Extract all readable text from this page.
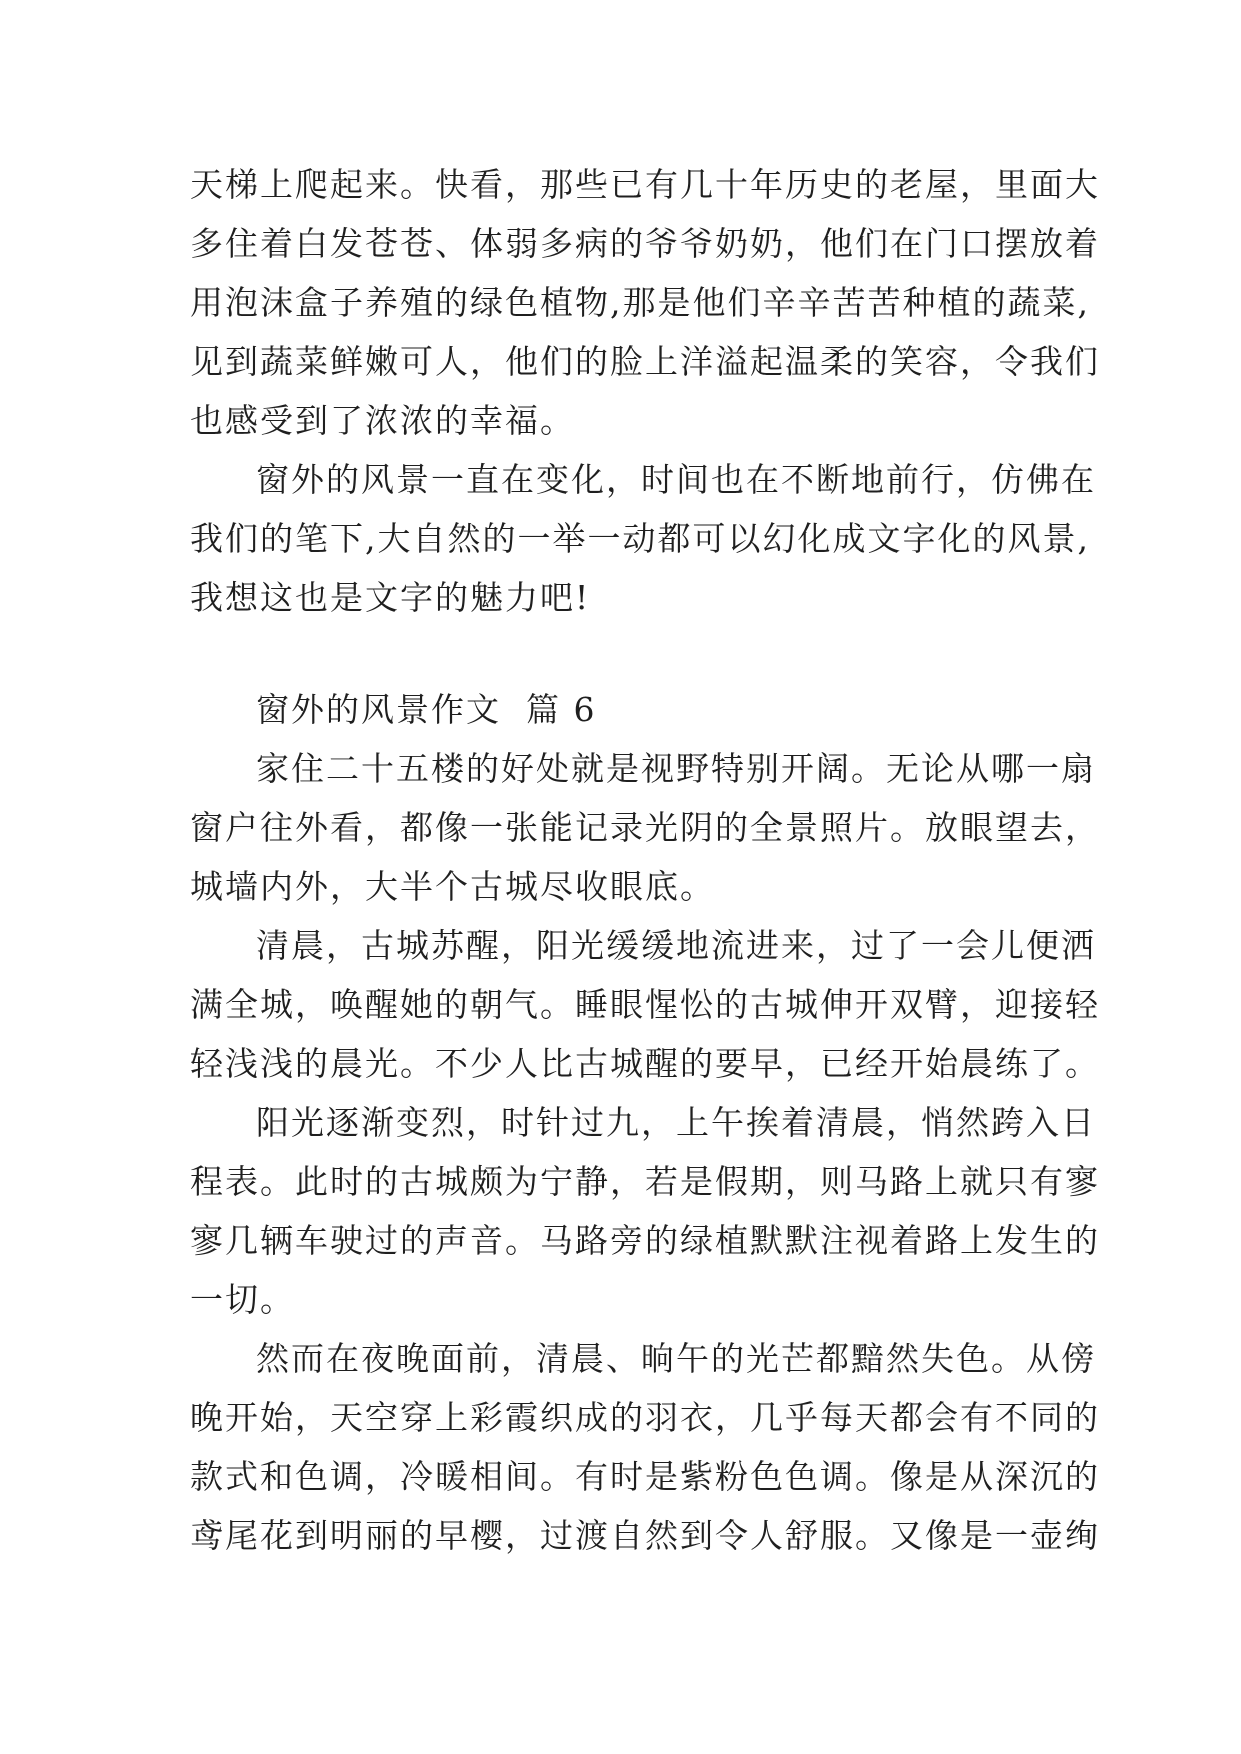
天梯上爬起来。快看，那些已有几十年历史的老屋，里面大
多住着白发苍苍、体弱多病的爷爷奶奶，他们在门口摆放着
用泡沫盒子养殖的绿色植物,那是他们辛辛苦苦种植的蔬菜,
见到蔬菜鲜嫩可人，他们的脸上洋溢起温柔的笑容，令我们
也感受到了浓浓的幸福。
窗外的风景一直在变化，时间也在不断地前行，仿佛在
我们的笔下,大自然的一举一动都可以幻化成文字化的风景,
我想这也是文字的魅力吧!
窗外的风景作文  篇 6
家住二十五楼的好处就是视野特别开阔。无论从哪一扇
窗户往外看，都像一张能记录光阴的全景照片。放眼望去，
城墙内外，大半个古城尽收眼底。
清晨，古城苏醒，阳光缓缓地流进来，过了一会儿便洒
满全城，唤醒她的朝气。睡眼惺忪的古城伸开双臂，迎接轻
轻浅浅的晨光。不少人比古城醒的要早，已经开始晨练了。
阳光逐渐变烈，时针过九，上午挨着清晨，悄然跨入日
程表。此时的古城颇为宁静，若是假期，则马路上就只有寥
寥几辆车驶过的声音。马路旁的绿植默默注视着路上发生的
一切。
然而在夜晚面前，清晨、晌午的光芒都黯然失色。从傍
晚开始，天空穿上彩霞织成的羽衣，几乎每天都会有不同的
款式和色调，冷暖相间。有时是紫粉色色调。像是从深沉的
鸢尾花到明丽的早樱，过渡自然到令人舒服。又像是一壶绚
